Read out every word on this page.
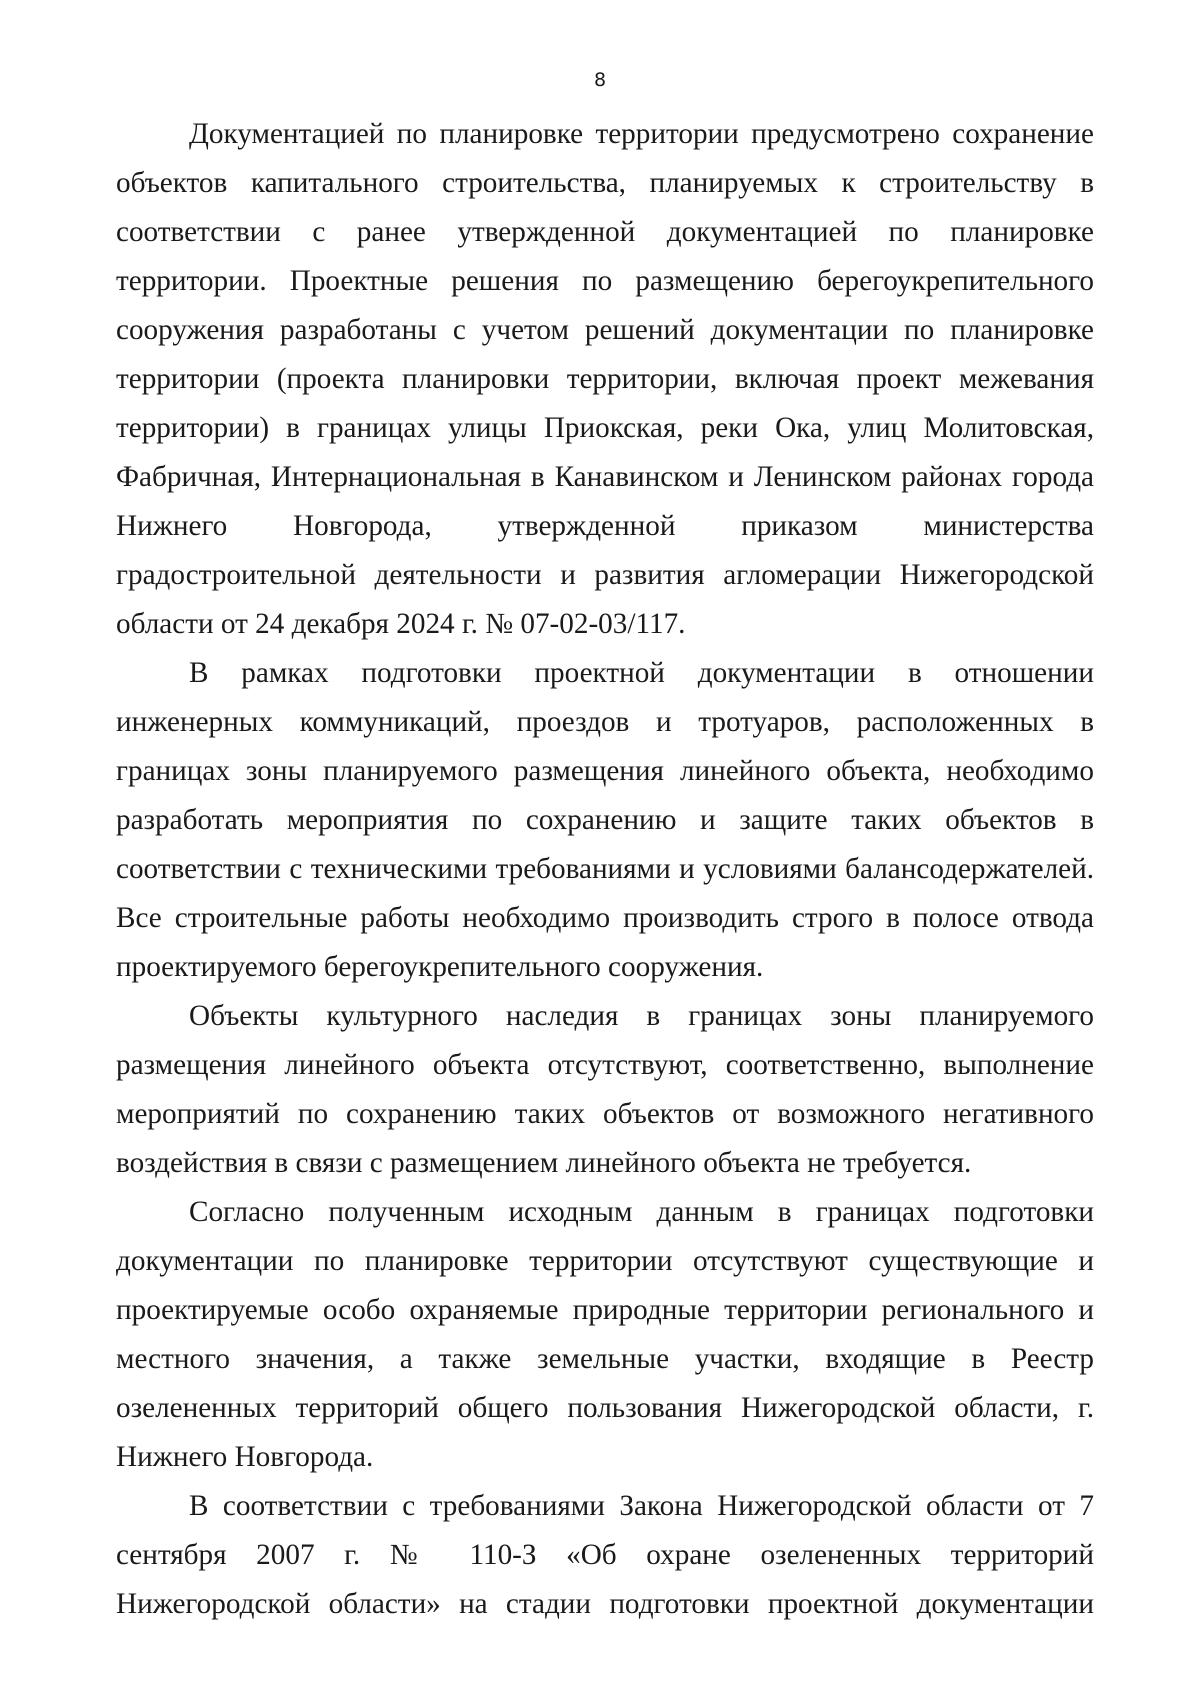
8

Документацией по планировке территории предусмотрено сохранение объектов капитального строительства, планируемых к строительству в соответствии с ранее утвержденной документацией по планировке территории. Проектные решения по размещению берегоукрепительного сооружения разработаны с учетом решений документации по планировке территории (проекта планировки территории, включая проект межевания территории) в границах улицы Приокская, реки Ока, улиц Молитовская, Фабричная, Интернациональная в Канавинском и Ленинском районах города Нижнего Новгорода, утвержденной приказом министерства градостроительной деятельности и развития агломерации Нижегородской области от 24 декабря 2024 г. № 07-02-03/117.

В рамках подготовки проектной документации в отношении инженерных коммуникаций, проездов и тротуаров, расположенных в границах зоны планируемого размещения линейного объекта, необходимо разработать мероприятия по сохранению и защите таких объектов в соответствии с техническими требованиями и условиями балансодержателей. Все строительные работы необходимо производить строго в полосе отвода проектируемого берегоукрепительного сооружения.

Объекты культурного наследия в границах зоны планируемого размещения линейного объекта отсутствуют, соответственно, выполнение мероприятий по сохранению таких объектов от возможного негативного воздействия в связи с размещением линейного объекта не требуется.

Согласно полученным исходным данным в границах подготовки документации по планировке территории отсутствуют существующие и проектируемые особо охраняемые природные территории регионального и местного значения, а также земельные участки, входящие в Реестр озелененных территорий общего пользования Нижегородской области, г. Нижнего Новгорода.

В соответствии с требованиями Закона Нижегородской области от 7 сентября 2007 г. № 110-З «Об охране озелененных территорий Нижегородской области» на стадии подготовки проектной документации
